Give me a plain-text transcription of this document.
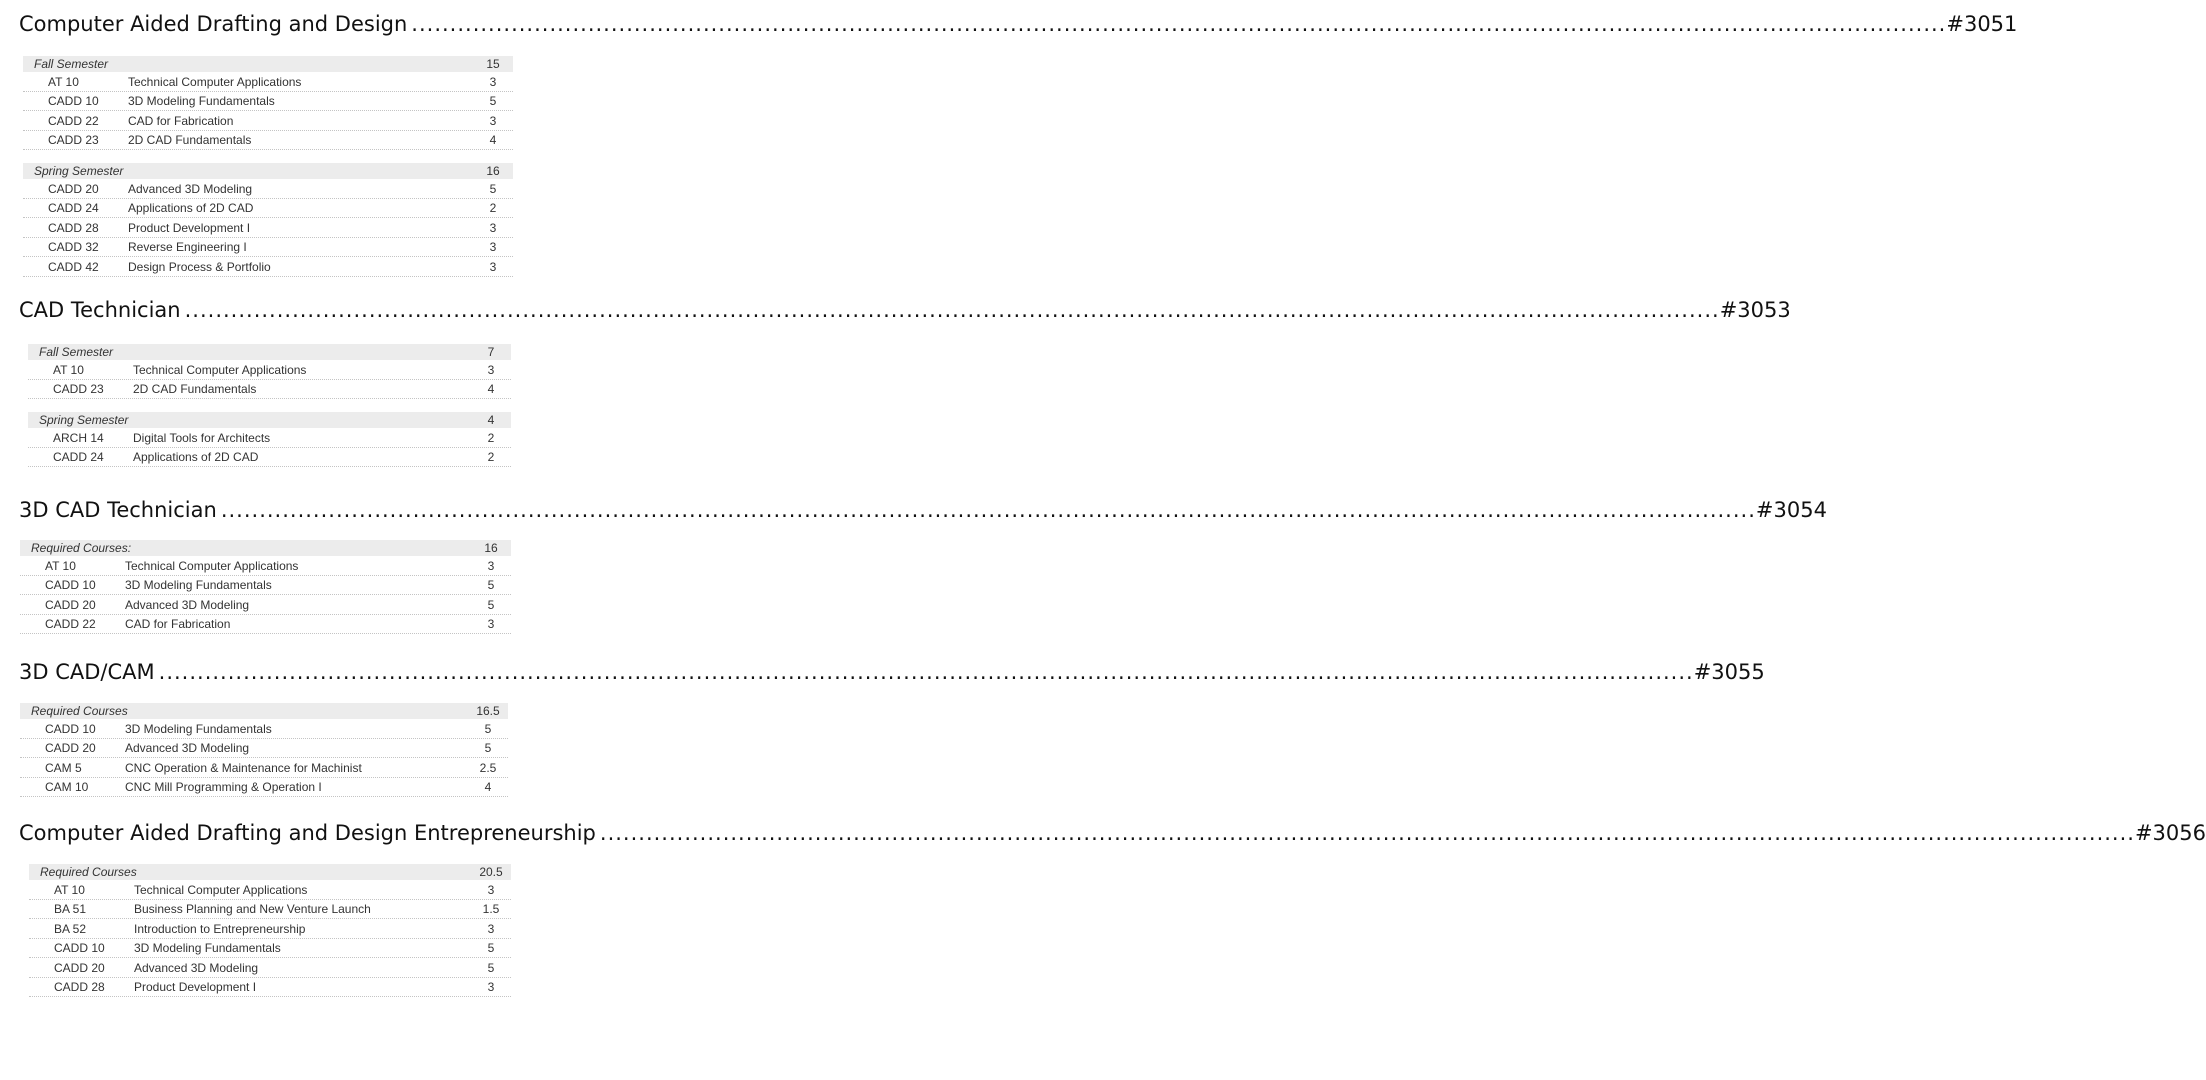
Computer Aided Drafting and Design ........................................................................................................................................................................................................ #3051
Fall Semester	15
AT 10	Technical Computer Applications	3
CADD 10	3D Modeling Fundamentals	5
CADD 22	CAD for Fabrication	3
CADD 23	2D CAD Fundamentals	4
Spring Semester	16
CADD 20	Advanced 3D Modeling	5
CADD 24	Applications of 2D CAD	2
CADD 28	Product Development I	3
CADD 32	Reverse Engineering I	3
CADD 42	Design Process & Portfolio	3
CAD Technician ........................................................................................................................................................................................................ #3053
Fall Semester	7
AT 10	Technical Computer Applications	3
CADD 23	2D CAD Fundamentals	4
Spring Semester	4
ARCH 14	Digital Tools for Architects	2
CADD 24	Applications of 2D CAD	2
3D CAD Technician ........................................................................................................................................................................................................ #3054
Required Courses:	16
AT 10	Technical Computer Applications	3
CADD 10	3D Modeling Fundamentals	5
CADD 20	Advanced 3D Modeling	5
CADD 22	CAD for Fabrication	3
3D CAD/CAM ........................................................................................................................................................................................................ #3055
Required Courses	16.5
CADD 10	3D Modeling Fundamentals	5
CADD 20	Advanced 3D Modeling	5
CAM 5	CNC Operation & Maintenance for Machinist	2.5
CAM 10	CNC Mill Programming & Operation I	4
Computer Aided Drafting and Design Entrepreneurship ........................................................................................................................................................................................................ #3056
Required Courses	20.5
AT 10	Technical Computer Applications	3
BA 51	Business Planning and New Venture Launch	1.5
BA 52	Introduction to Entrepreneurship	3
CADD 10	3D Modeling Fundamentals	5
CADD 20	Advanced 3D Modeling	5
CADD 28	Product Development I	3
